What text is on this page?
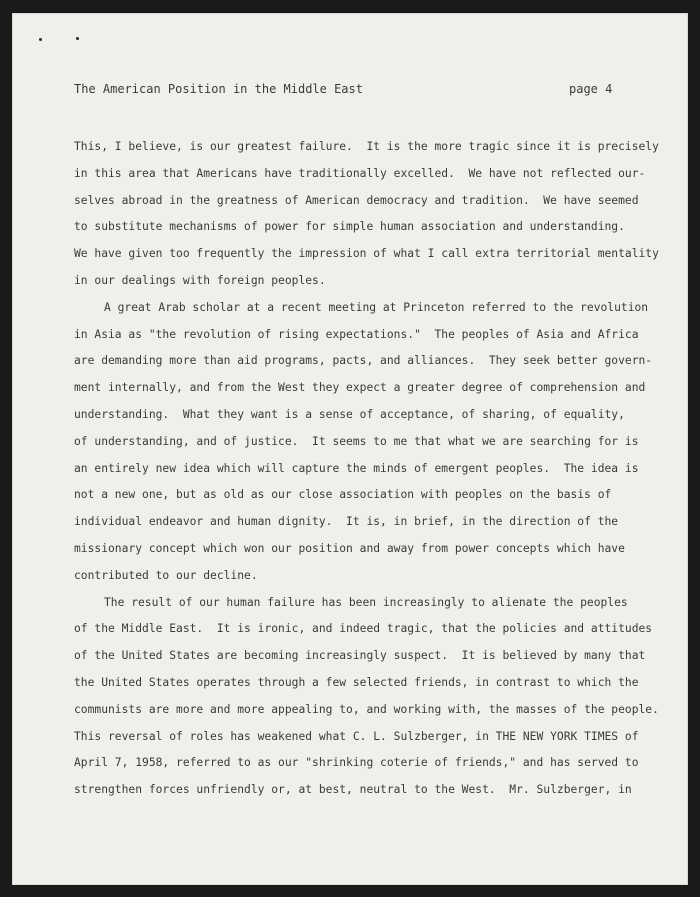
The American Position in the Middle East	page 4
This, I believe, is our greatest failure.  It is the more tragic since it is precisely
in this area that Americans have traditionally excelled.  We have not reflected our-
selves abroad in the greatness of American democracy and tradition.  We have seemed
to substitute mechanisms of power for simple human association and understanding.
We have given too frequently the impression of what I call extra territorial mentality
in our dealings with foreign peoples.
A great Arab scholar at a recent meeting at Princeton referred to the revolution
in Asia as "the revolution of rising expectations."  The peoples of Asia and Africa
are demanding more than aid programs, pacts, and alliances.  They seek better govern-
ment internally, and from the West they expect a greater degree of comprehension and
understanding.  What they want is a sense of acceptance, of sharing, of equality,
of understanding, and of justice.  It seems to me that what we are searching for is
an entirely new idea which will capture the minds of emergent peoples.  The idea is
not a new one, but as old as our close association with peoples on the basis of
individual endeavor and human dignity.  It is, in brief, in the direction of the
missionary concept which won our position and away from power concepts which have
contributed to our decline.
The result of our human failure has been increasingly to alienate the peoples
of the Middle East.  It is ironic, and indeed tragic, that the policies and attitudes
of the United States are becoming increasingly suspect.  It is believed by many that
the United States operates through a few selected friends, in contrast to which the
communists are more and more appealing to, and working with, the masses of the people.
This reversal of roles has weakened what C. L. Sulzberger, in THE NEW YORK TIMES of
April 7, 1958, referred to as our "shrinking coterie of friends," and has served to
strengthen forces unfriendly or, at best, neutral to the West.  Mr. Sulzberger, in
